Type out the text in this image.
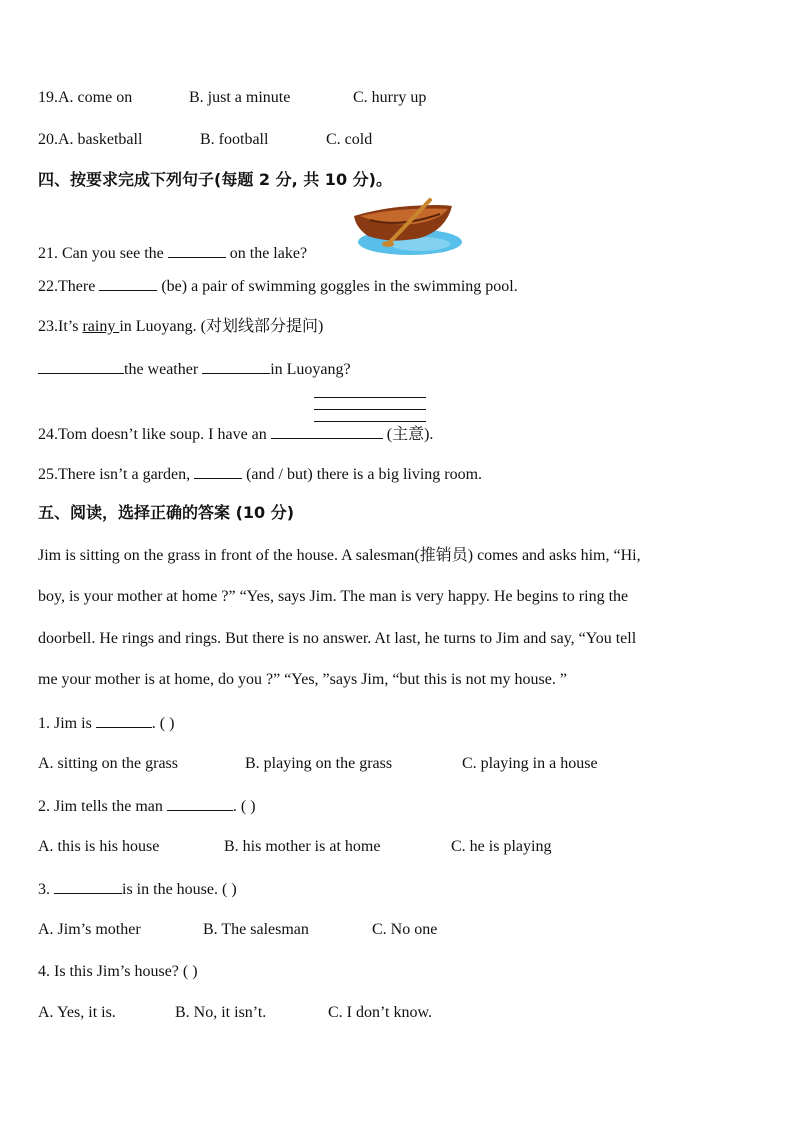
19.A. come on	B. just a minute	C. hurry up
20.A. basketball	B. football	C. cold
四、按要求完成下列句子(每题 2 分, 共 10 分)。
21. Can you see the	on the lake?
22.There	(be) a pair of swimming goggles in the swimming pool.
23.It’s rainy in Luoyang. (对划线部分提问)
the weather	in Luoyang?
24.Tom doesn’t like soup. I have an	(主意).
25.There isn’t a garden,	(and / but) there is a big living room.
五、阅读，选择正确的答案 (10 分)
Jim is sitting on the grass in front of the house. A salesman(推销员) comes and asks him, “Hi,
boy, is your mother at home ?” “Yes, says Jim. The man is very happy. He begins to ring the
doorbell. He rings and rings. But there is no answer. At last, he turns to Jim and say, “You tell
me your mother is at home, do you ?” “Yes, ”says Jim, “but this is not my house. ”
1. Jim is	. ( )
A. sitting on the grass	B. playing on the grass	C. playing in a house
2. Jim tells the man	. ( )
A. this is his house	B. his mother is at home	C. he is playing
3.	is in the house. ( )
A. Jim’s mother	B. The salesman	C. No one
4. Is this Jim’s house? ( )
A. Yes, it is.	B. No, it isn’t.	C. I don’t know.
